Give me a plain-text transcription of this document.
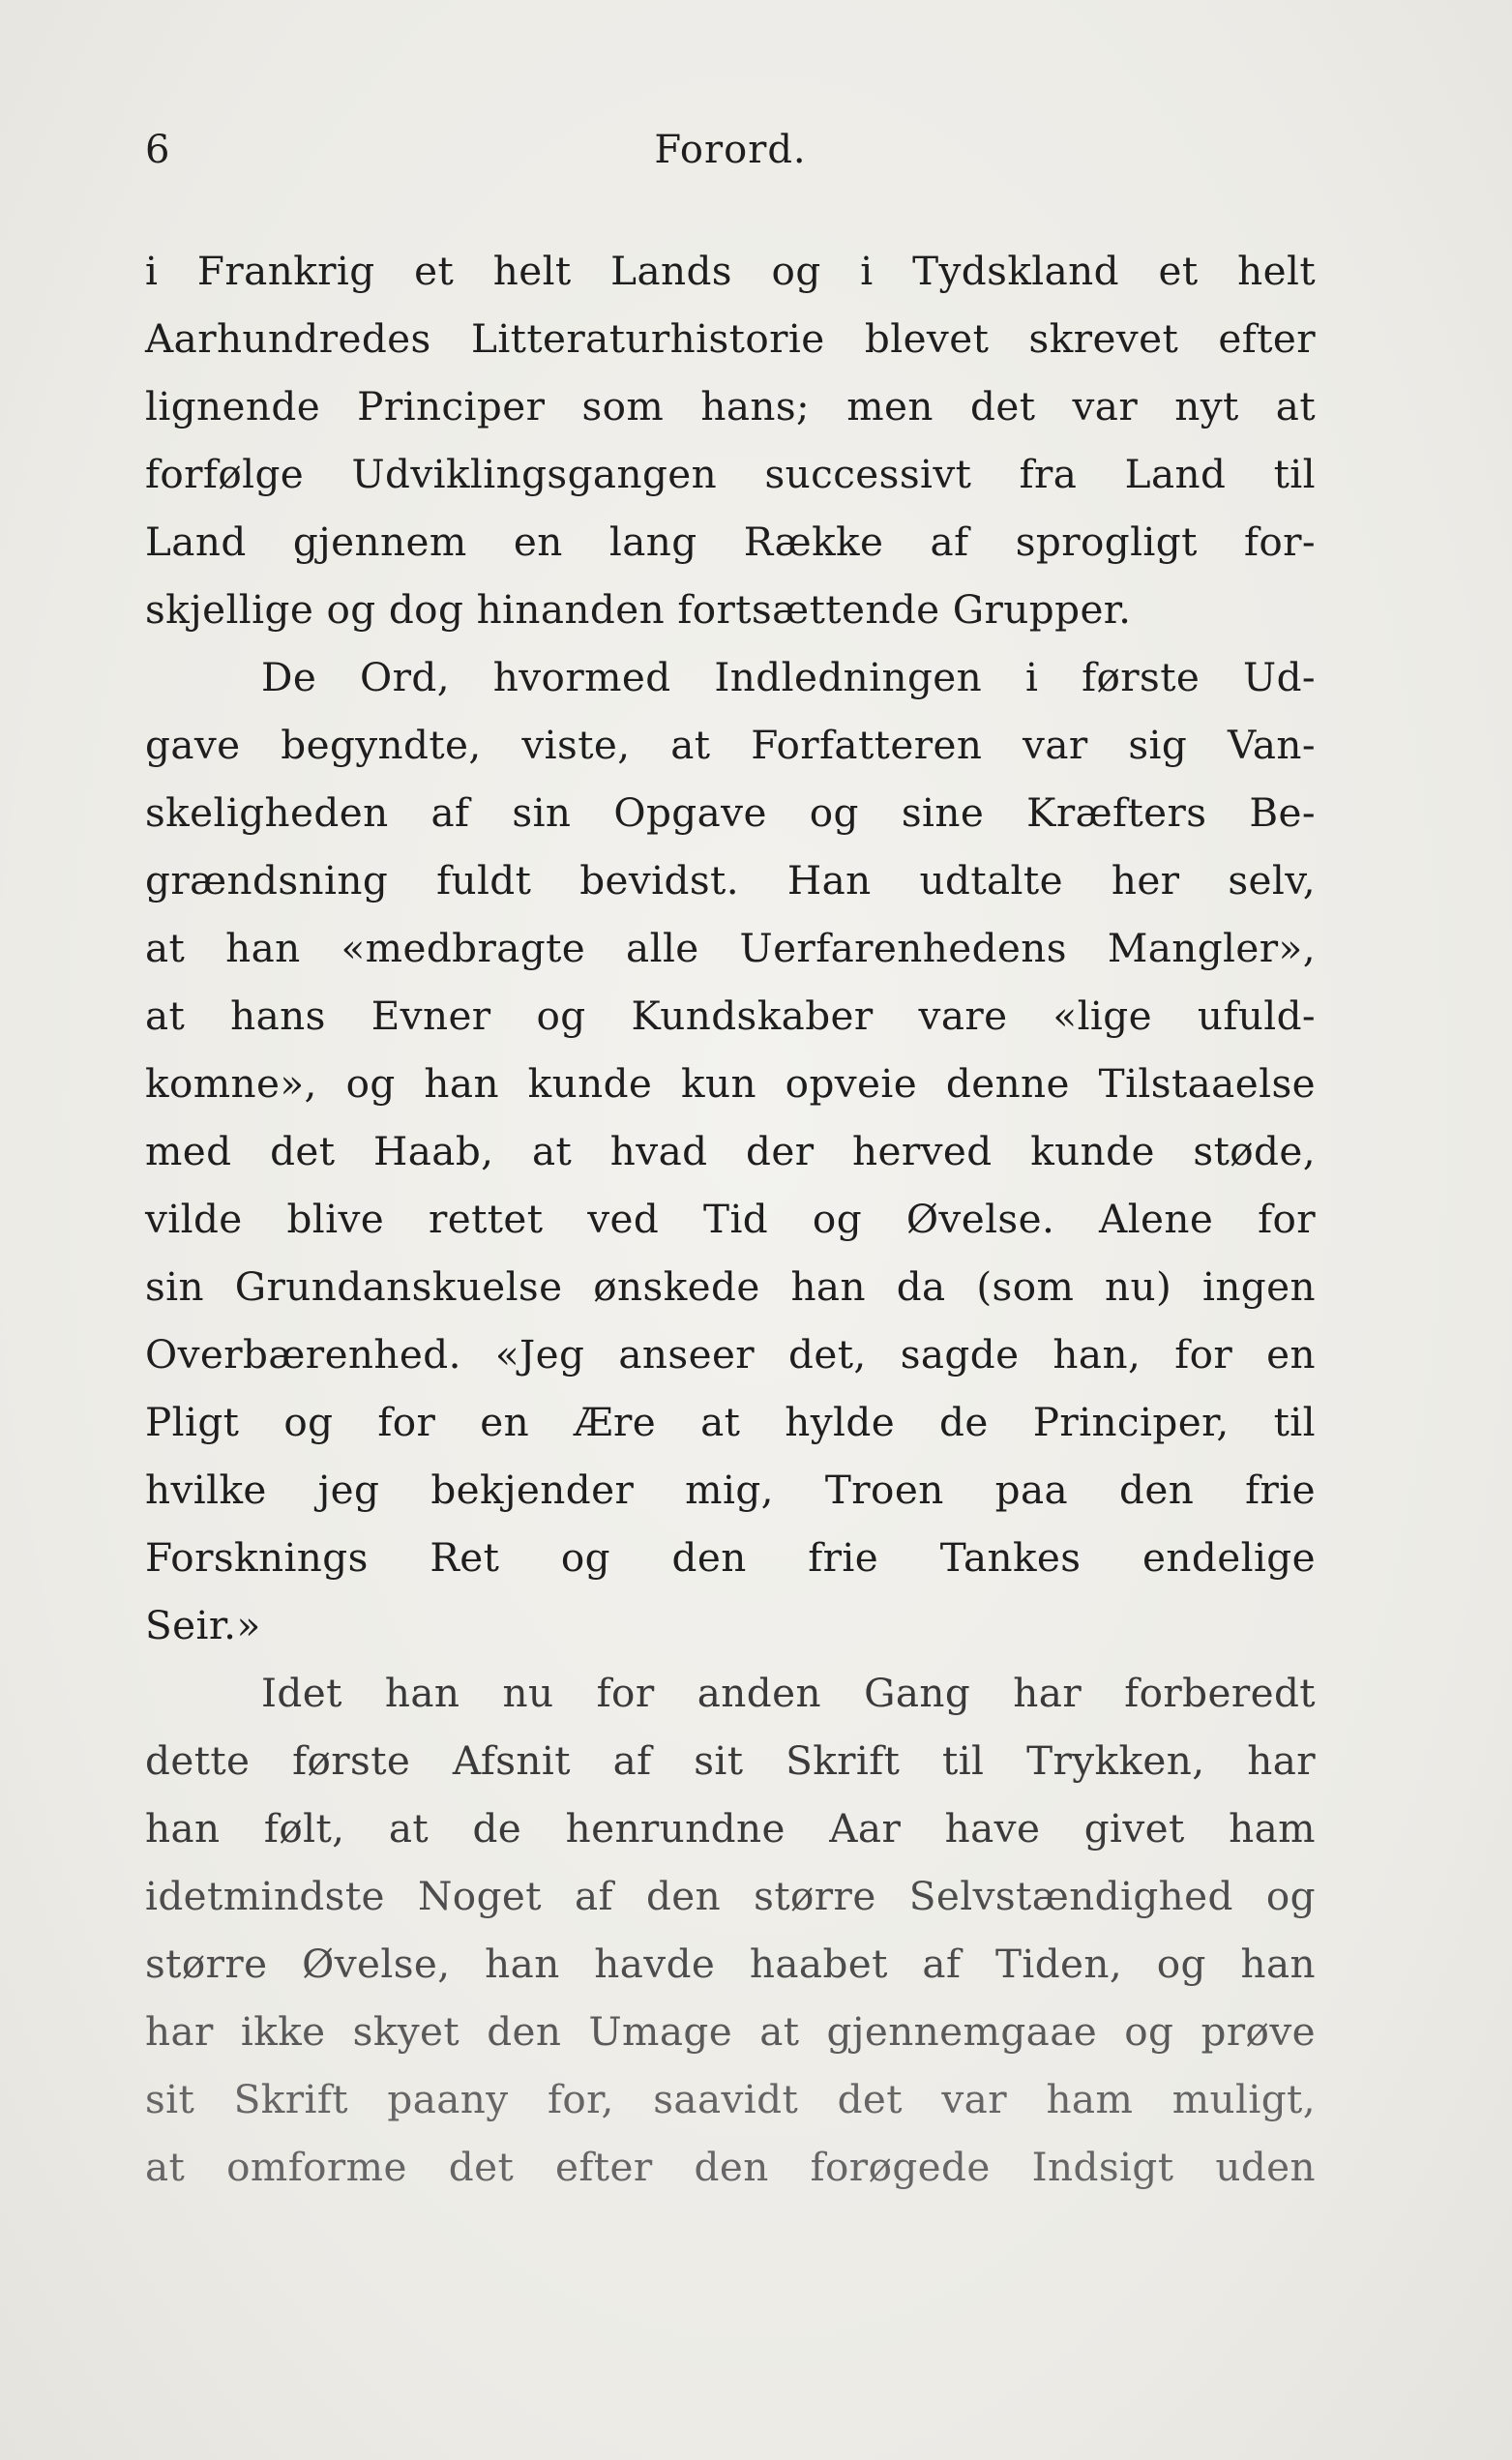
6	Forord.
i Frankrig et helt Lands og i Tydskland et helt
Aarhundredes Litteraturhistorie blevet skrevet efter
lignende Principer som hans; men det var nyt at
forfølge Udviklingsgangen successivt fra Land til
Land gjennem en lang Række af sprogligt for-
skjellige og dog hinanden fortsættende Grupper.
De Ord, hvormed Indledningen i første Ud-
gave begyndte, viste, at Forfatteren var sig Van-
skeligheden af sin Opgave og sine Kræfters Be-
grændsning fuldt bevidst. Han udtalte her selv,
at han «medbragte alle Uerfarenhedens Mangler»,
at hans Evner og Kundskaber vare «lige ufuld-
komne», og han kunde kun opveie denne Tilstaaelse
med det Haab, at hvad der herved kunde støde,
vilde blive rettet ved Tid og Øvelse. Alene for
sin Grundanskuelse ønskede han da (som nu) ingen
Overbærenhed. «Jeg anseer det, sagde han, for en
Pligt og for en Ære at hylde de Principer, til
hvilke jeg bekjender mig, Troen paa den frie
Forsknings Ret og den frie Tankes endelige
Seir.»
Idet han nu for anden Gang har forberedt
dette første Afsnit af sit Skrift til Trykken, har
han følt, at de henrundne Aar have givet ham
idetmindste Noget af den større Selvstændighed og
større Øvelse, han havde haabet af Tiden, og han
har ikke skyet den Umage at gjennemgaae og prøve
sit Skrift paany for, saavidt det var ham muligt,
at omforme det efter den forøgede Indsigt uden
